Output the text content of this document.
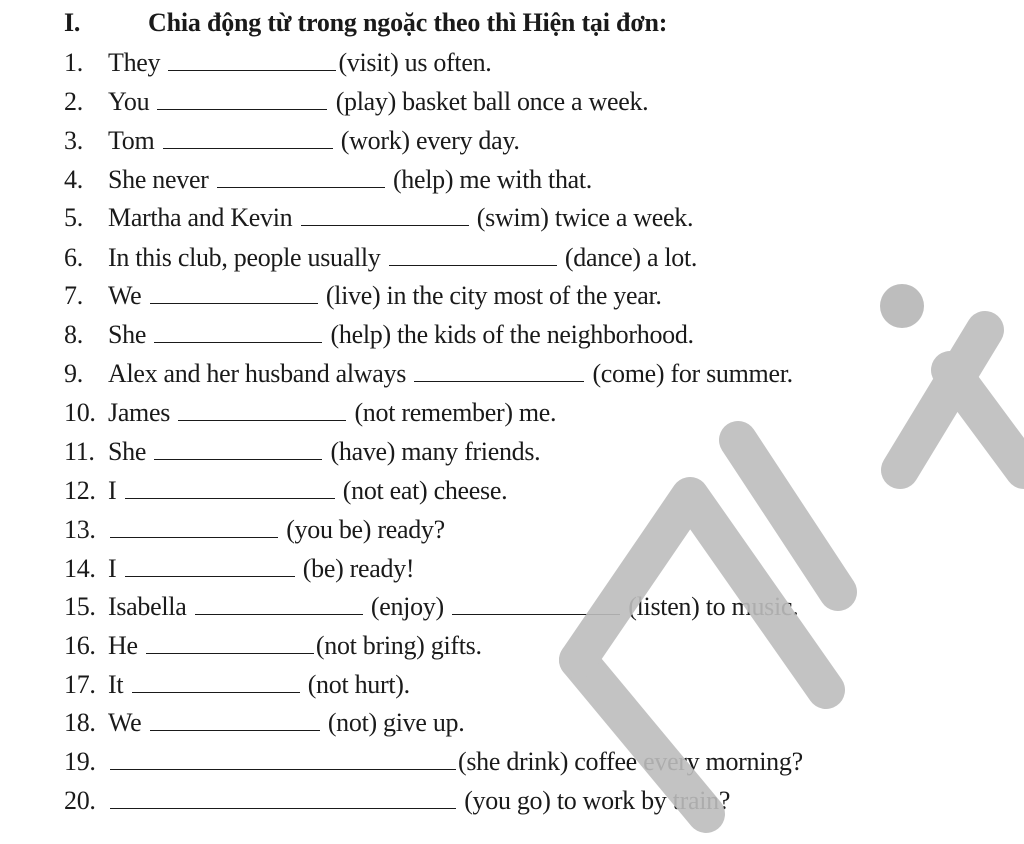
I.	Chia động từ trong ngoặc theo thì Hiện tại đơn:
1. They	(visit) us often.
2. You	(play) basket ball once a week.
3. Tom	(work) every day.
4. She never	(help) me with that.
5. Martha and Kevin	(swim) twice a week.
6. In this club, people usually	(dance) a lot.
7. We	(live) in the city most of the year.
8. She	(help) the kids of the neighborhood.
9. Alex and her husband always	(come) for summer.
10. James	(not remember) me.
11. She	(have) many friends.
12. I	(not eat) cheese.
13.	(you be) ready?
14. I	(be) ready!
15. Isabella	(enjoy)	(listen) to music.
16. He	(not bring) gifts.
17. It	(not hurt).
18. We	(not) give up.
19.	(she drink) coffee every morning?
20.	(you go) to work by train?
